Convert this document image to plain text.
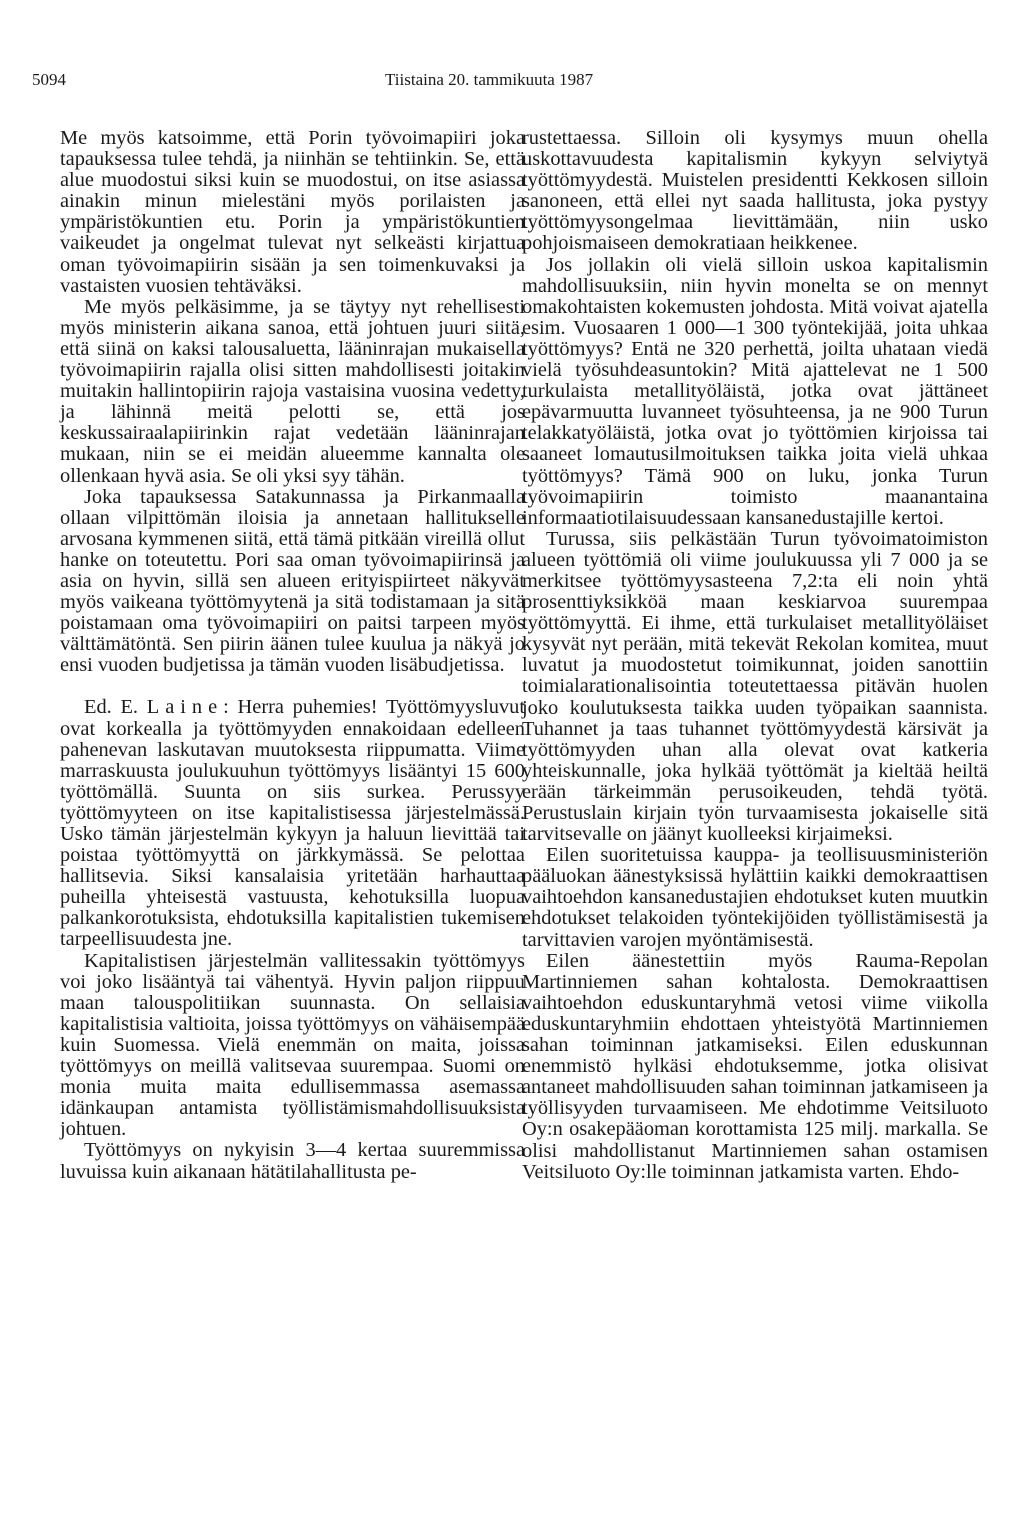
5094	Tiistaina 20. tammikuuta 1987

Me myös katsoimme, että Porin työvoimapiiri joka tapauksessa tulee tehdä, ja niinhän se tehtiinkin. Se, että alue muodostui siksi kuin se muodostui, on itse asiassa ainakin minun mielestäni myös porilaisten ja ympäristökuntien etu. Porin ja ympäristökuntien vaikeudet ja ongelmat tulevat nyt selkeästi kirjattua oman työvoimapiirin sisään ja sen toimenkuvaksi ja vastaisten vuosien tehtäväksi.

Me myös pelkäsimme, ja se täytyy nyt rehellisesti myös ministerin aikana sanoa, että johtuen juuri siitä, että siinä on kaksi talousaluetta, lääninrajan mukaisella työvoimapiirin rajalla olisi sitten mahdollisesti joitakin muitakin hallintopiirin rajoja vastaisina vuosina vedetty, ja lähinnä meitä pelotti se, että jos keskussairaalapiirinkin rajat vedetään lääninrajan mukaan, niin se ei meidän alueemme kannalta ole ollenkaan hyvä asia. Se oli yksi syy tähän.

Joka tapauksessa Satakunnassa ja Pirkanmaalla ollaan vilpittömän iloisia ja annetaan hallitukselle arvosana kymmenen siitä, että tämä pitkään vireillä ollut hanke on toteutettu. Pori saa oman työvoimapiirinsä ja asia on hyvin, sillä sen alueen erityispiirteet näkyvät myös vaikeana työttömyytenä ja sitä todistamaan ja sitä poistamaan oma työvoimapiiri on paitsi tarpeen myös välttämätöntä. Sen piirin äänen tulee kuulua ja näkyä jo ensi vuoden budjetissa ja tämän vuoden lisäbudjetissa.

Ed. E. Laine: Herra puhemies! Työttömyysluvut ovat korkealla ja työttömyyden ennakoidaan edelleen pahenevan laskutavan muutoksesta riippumatta. Viime marraskuusta joulukuuhun työttömyys lisääntyi 15 600 työttömällä. Suunta on siis surkea. Perussyy työttömyyteen on itse kapitalistisessa järjestelmässä. Usko tämän järjestelmän kykyyn ja haluun lievittää tai poistaa työttömyyttä on järkkymässä. Se pelottaa hallitsevia. Siksi kansalaisia yritetään harhauttaa puheilla yhteisestä vastuusta, kehotuksilla luopua palkankorotuksista, ehdotuksilla kapitalistien tukemisen tarpeellisuudesta jne.

Kapitalistisen järjestelmän vallitessakin työttömyys voi joko lisääntyä tai vähentyä. Hyvin paljon riippuu maan talouspolitiikan suunnasta. On sellaisia kapitalistisia valtioita, joissa työttömyys on vähäisempää kuin Suomessa. Vielä enemmän on maita, joissa työttömyys on meillä valitsevaa suurempaa. Suomi on monia muita maita edullisemmassa asemassa idänkaupan antamista työllistämismahdollisuuksista johtuen.

Työttömyys on nykyisin 3—4 kertaa suuremmissa luvuissa kuin aikanaan hätätilahallitusta pe-

rustettaessa. Silloin oli kysymys muun ohella uskottavuudesta kapitalismin kykyyn selviytyä työttömyydestä. Muistelen presidentti Kekkosen silloin sanoneen, että ellei nyt saada hallitusta, joka pystyy työttömyysongelmaa lievittämään, niin usko pohjoismaiseen demokratiaan heikkenee.

Jos jollakin oli vielä silloin uskoa kapitalismin mahdollisuuksiin, niin hyvin monelta se on mennyt omakohtaisten kokemusten johdosta. Mitä voivat ajatella esim. Vuosaaren 1 000—1 300 työntekijää, joita uhkaa työttömyys? Entä ne 320 perhettä, joilta uhataan viedä vielä työsuhdeasuntokin? Mitä ajattelevat ne 1 500 turkulaista metallityöläistä, jotka ovat jättäneet epävarmuutta luvanneet työsuhteensa, ja ne 900 Turun telakkatyöläistä, jotka ovat jo työttömien kirjoissa tai saaneet lomautusilmoituksen taikka joita vielä uhkaa työttömyys? Tämä 900 on luku, jonka Turun työvoimapiirin toimisto maanantaina informaatiotilaisuudessaan kansanedustajille kertoi.

Turussa, siis pelkästään Turun työvoimatoimiston alueen työttömiä oli viime joulukuussa yli 7 000 ja se merkitsee työttömyysasteena 7,2:ta eli noin yhtä prosenttiyksikköä maan keskiarvoa suurempaa työttömyyttä. Ei ihme, että turkulaiset metallityöläiset kysyvät nyt perään, mitä tekevät Rekolan komitea, muut luvatut ja muodostetut toimikunnat, joiden sanottiin toimialarationalisointia toteutettaessa pitävän huolen joko koulutuksesta taikka uuden työpaikan saannista. Tuhannet ja taas tuhannet työttömyydestä kärsivät ja työttömyyden uhan alla olevat ovat katkeria yhteiskunnalle, joka hylkää työttömät ja kieltää heiltä erään tärkeimmän perusoikeuden, tehdä työtä. Perustuslain kirjain työn turvaamisesta jokaiselle sitä tarvitsevalle on jäänyt kuolleeksi kirjaimeksi.

Eilen suoritetuissa kauppa- ja teollisuusministeriön pääluokan äänestyksissä hylättiin kaikki demokraattisen vaihtoehdon kansanedustajien ehdotukset kuten muutkin ehdotukset telakoiden työntekijöiden työllistämisestä ja tarvittavien varojen myöntämisestä.

Eilen äänestettiin myös Rauma-Repolan Martinniemen sahan kohtalosta. Demokraattisen vaihtoehdon eduskuntaryhmä vetosi viime viikolla eduskuntaryhmiin ehdottaen yhteistyötä Martinniemen sahan toiminnan jatkamiseksi. Eilen eduskunnan enemmistö hylkäsi ehdotuksemme, jotka olisivat antaneet mahdollisuuden sahan toiminnan jatkamiseen ja työllisyyden turvaamiseen. Me ehdotimme Veitsiluoto Oy:n osakepääoman korottamista 125 milj. markalla. Se olisi mahdollistanut Martinniemen sahan ostamisen Veitsiluoto Oy:lle toiminnan jatkamista varten. Ehdo-
